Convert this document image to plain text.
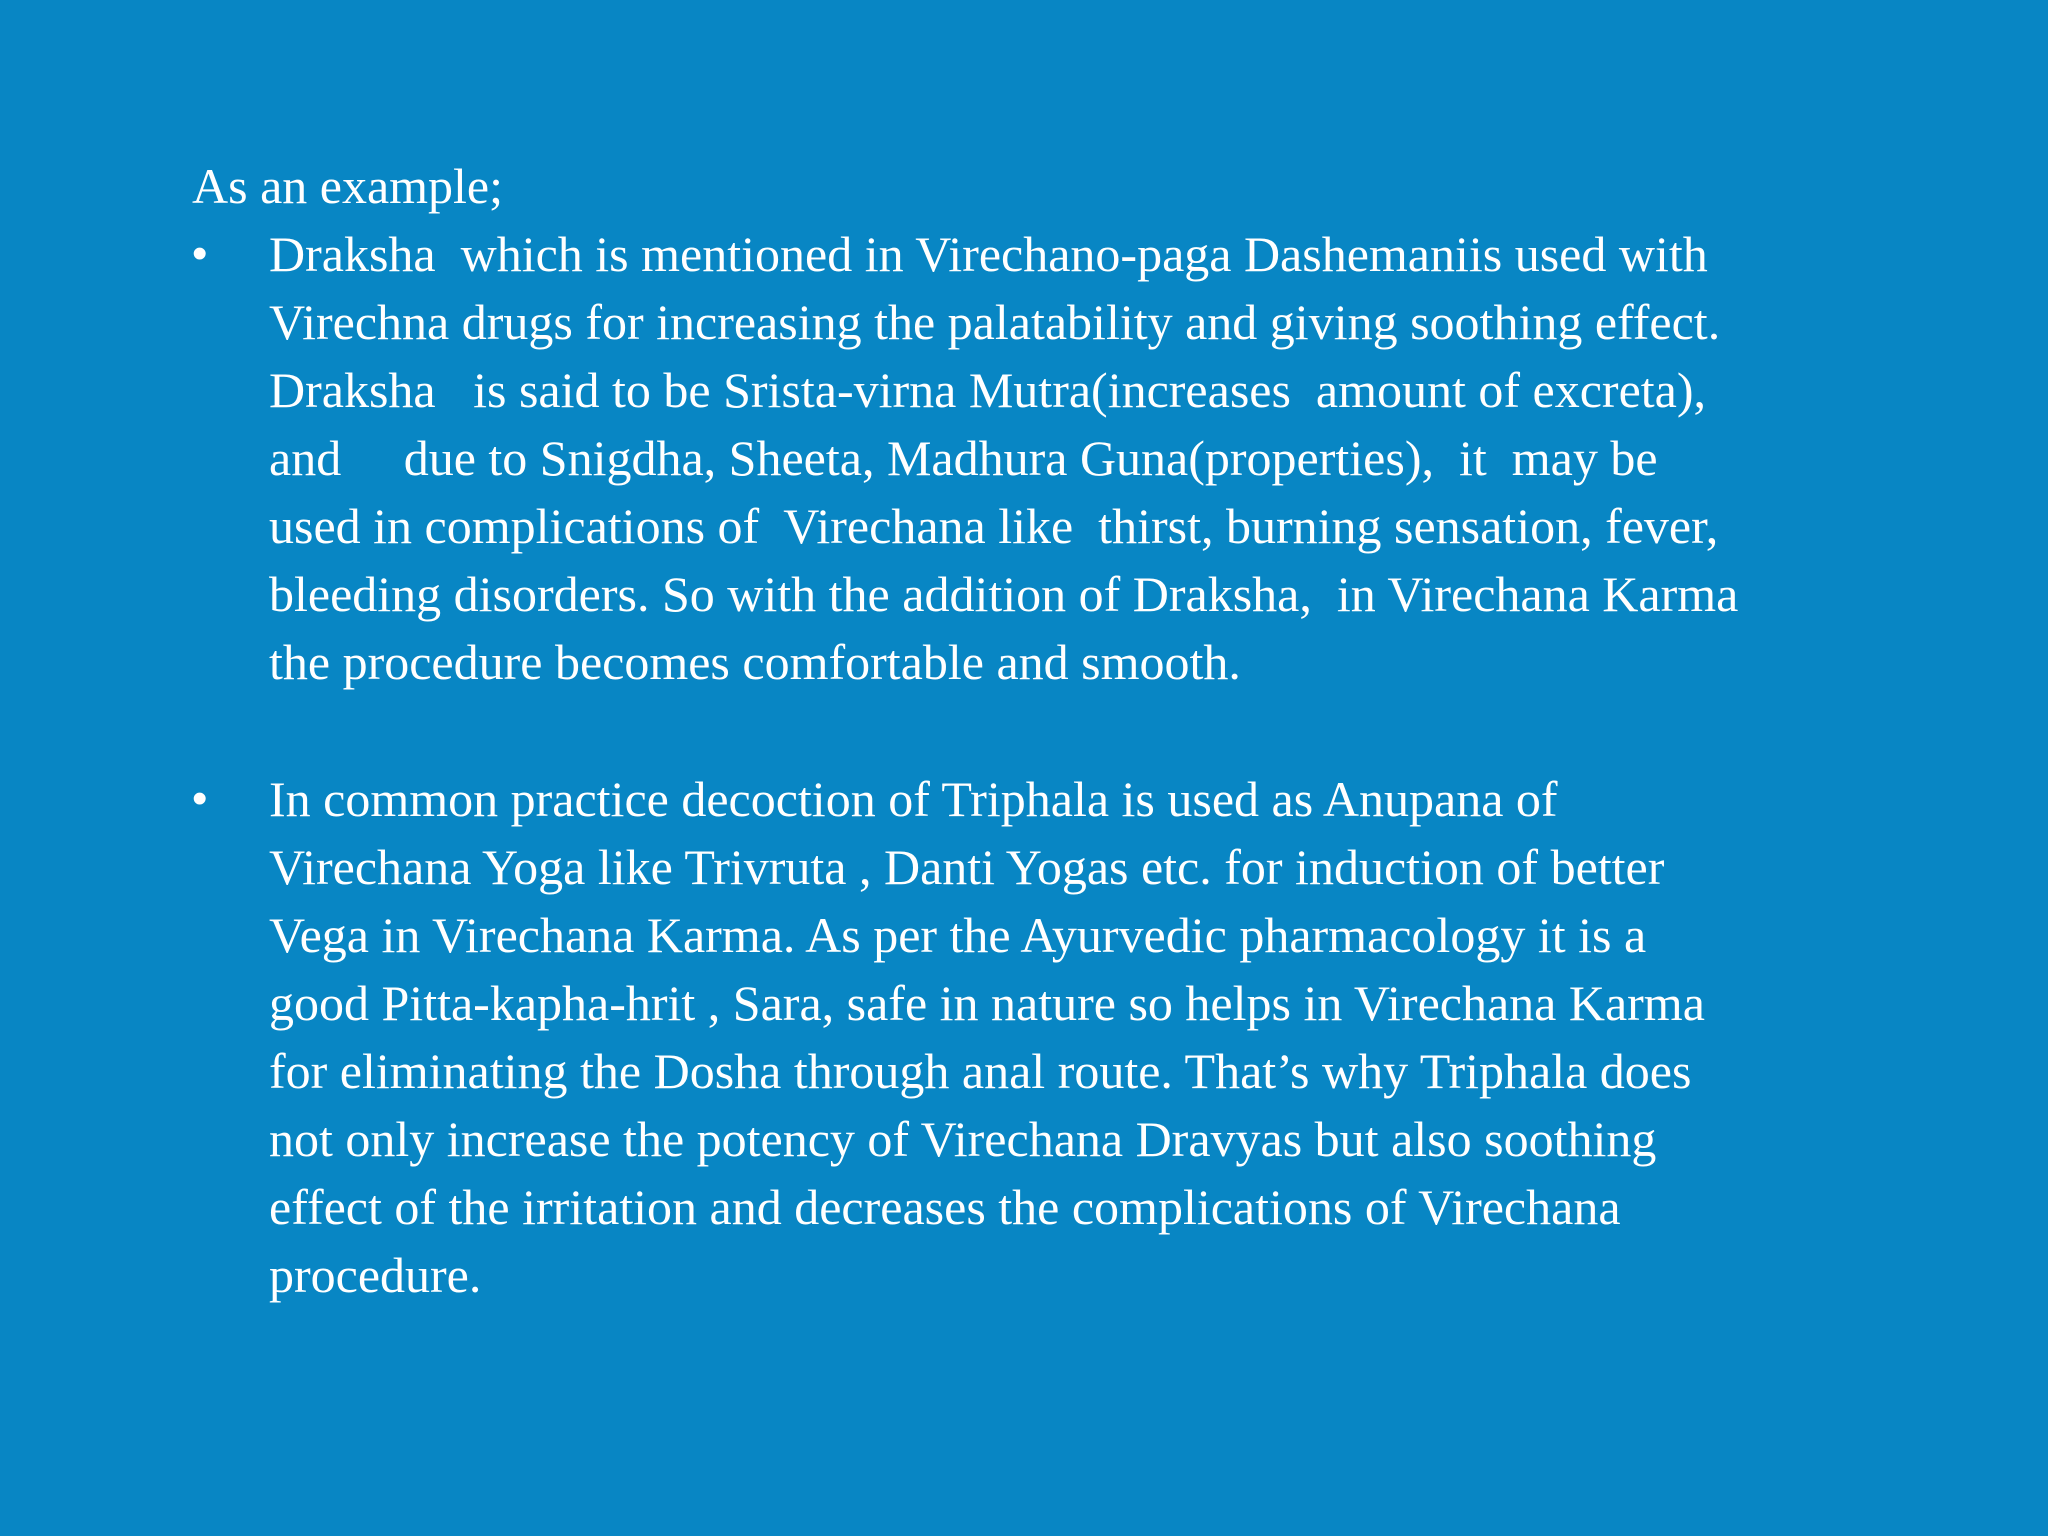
As an example;
• Draksha  which is mentioned in Virechano-paga Dashemaniis used with
Virechna drugs for increasing the palatability and giving soothing effect.
Draksha   is said to be Srista-virna Mutra(increases  amount of excreta),
and     due to Snigdha, Sheeta, Madhura Guna(properties),  it  may be
used in complications of  Virechana like  thirst, burning sensation, fever,
bleeding disorders. So with the addition of Draksha,  in Virechana Karma
the procedure becomes comfortable and smooth.
• In common practice decoction of Triphala is used as Anupana of
Virechana Yoga like Trivruta , Danti Yogas etc. for induction of better
Vega in Virechana Karma. As per the Ayurvedic pharmacology it is a
good Pitta-kapha-hrit , Sara, safe in nature so helps in Virechana Karma
for eliminating the Dosha through anal route. That’s why Triphala does
not only increase the potency of Virechana Dravyas but also soothing
effect of the irritation and decreases the complications of Virechana
procedure.
